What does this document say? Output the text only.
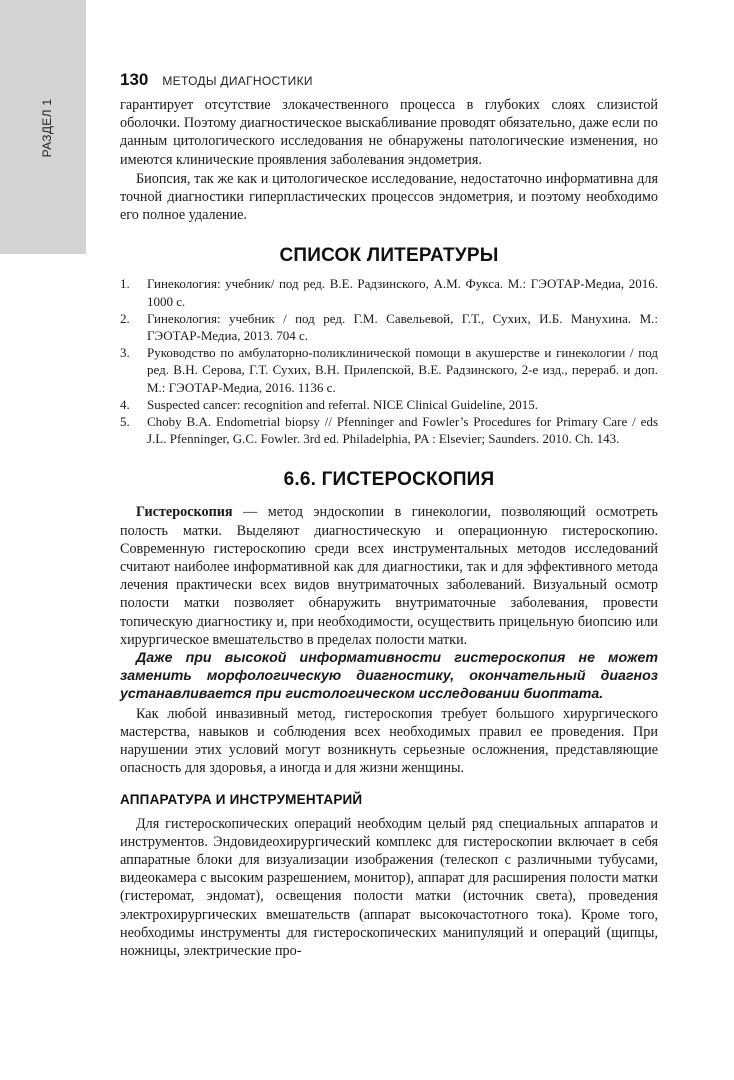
РАЗДЕЛ 1
130 МЕТОДЫ ДИАГНОСТИКИ

гарантирует отсутствие злокачественного процесса в глубоких слоях слизистой оболочки. Поэтому диагностическое выскабливание проводят обязательно, даже если по данным цитологического исследования не обнаружены патологические изменения, но имеются клинические проявления заболевания эндометрия.

Биопсия, так же как и цитологическое исследование, недостаточно информативна для точной диагностики гиперпластических процессов эндометрия, и поэтому необходимо его полное удаление.

СПИСОК ЛИТЕРАТУРЫ
1.	Гинекология: учебник/ под ред. В.Е. Радзинского, А.М. Фукса. М.: ГЭОТАР-Медиа, 2016. 1000 с.
2.	Гинекология: учебник / под ред. Г.М. Савельевой, Г.Т., Сухих, И.Б. Манухина. М.: ГЭОТАР-Медиа, 2013. 704 с.
3.	Руководство по амбулаторно-поликлинической помощи в акушерстве и гинекологии / под ред. В.Н. Серова, Г.Т. Сухих, В.Н. Прилепской, В.Е. Радзинского, 2-е изд., перераб. и доп. М.: ГЭОТАР-Медиа, 2016. 1136 с.
4.	Suspected cancer: recognition and referral. NICE Clinical Guideline, 2015.
5.	Choby B.A. Endometrial biopsy // Pfenninger and Fowler’s Procedures for Primary Care / eds J.L. Pfenninger, G.C. Fowler. 3rd ed. Philadelphia, PA : Elsevier; Saunders. 2010. Ch. 143.
6.6. ГИСТЕРОСКОПИЯ

Гистероскопия — метод эндоскопии в гинекологии, позволяющий осмотреть полость матки. Выделяют диагностическую и операционную гистероскопию. Современную гистероскопию среди всех инструментальных методов исследований считают наиболее информативной как для диагностики, так и для эффективного метода лечения практически всех видов внутриматочных заболеваний. Визуальный осмотр полости матки позволяет обнаружить внутриматочные заболевания, провести топическую диагностику и, при необходимости, осуществить прицельную биопсию или хирургическое вмешательство в пределах полости матки.

Даже при высокой информативности гистероскопия не может заменить морфологическую диагностику, окончательный диагноз устанавливается при гистологическом исследовании биоптата.

Как любой инвазивный метод, гистероскопия требует большого хирургического мастерства, навыков и соблюдения всех необходимых правил ее проведения. При нарушении этих условий могут возникнуть серьезные осложнения, представляющие опасность для здоровья, а иногда и для жизни женщины.

АППАРАТУРА И ИНСТРУМЕНТАРИЙ

Для гистероскопических операций необходим целый ряд специальных аппаратов и инструментов. Эндовидеохирургический комплекс для гистероскопии включает в себя аппаратные блоки для визуализации изображения (телескоп с различными тубусами, видеокамера с высоким разрешением, монитор), аппарат для расширения полости матки (гистеромат, эндомат), освещения полости матки (источник света), проведения электрохирургических вмешательств (аппарат высокочастотного тока). Кроме того, необходимы инструменты для гистероскопических манипуляций и операций (щипцы, ножницы, электрические про-
